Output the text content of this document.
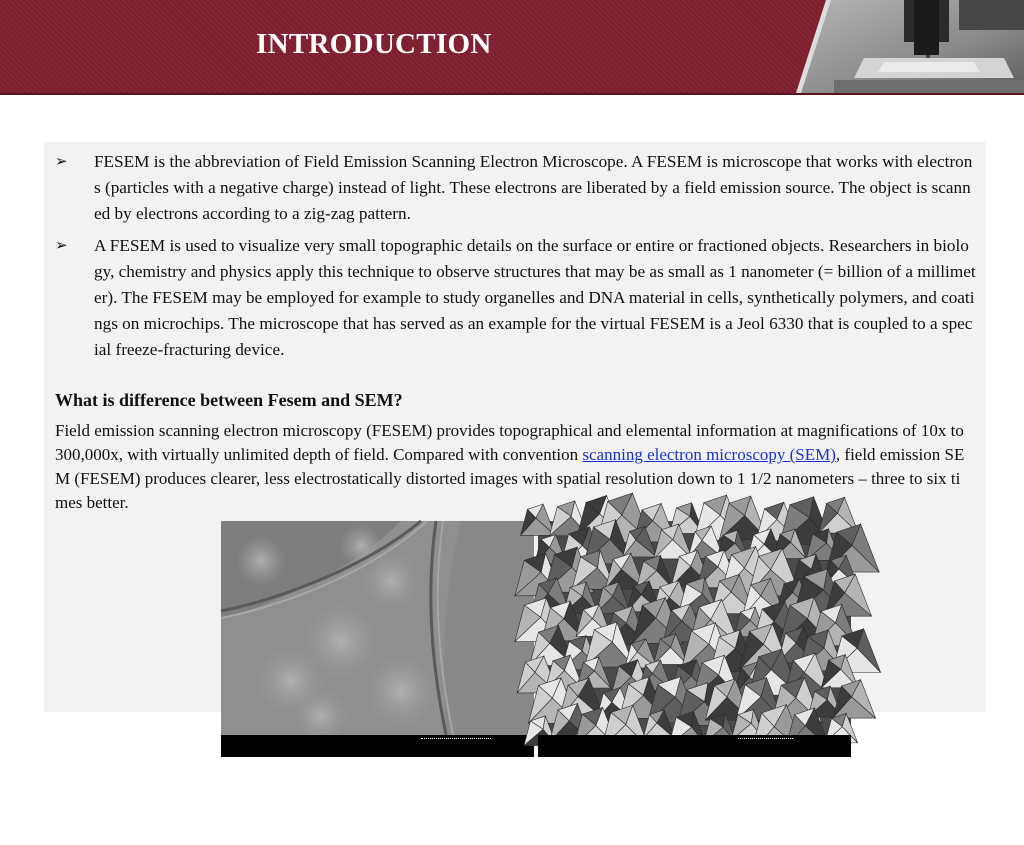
INTRODUCTION
➢	FESEM is the abbreviation of Field Emission Scanning Electron Microscope. A FESEM is microscope that works with electrons (particles with a negative charge) instead of light. These electrons are liberated by a field emission source. The object is scanned by electrons according to a zig-zag pattern.
➢	A FESEM is used to visualize very small topographic details on the surface or entire or fractioned objects. Researchers in biology, chemistry and physics apply this technique to observe structures that may be as small as 1 nanometer (= billion of a millimeter). The FESEM may be employed for example to study organelles and DNA material in cells, synthetically polymers, and coatings on microchips. The microscope that has served as an example for the virtual FESEM is a Jeol 6330 that is coupled to a special freeze-fracturing device.
What is difference between Fesem and SEM?

Field emission scanning electron microscopy (FESEM) provides topographical and elemental information at magnifications of 10x to 300,000x, with virtually unlimited depth of field. Compared with convention scanning electron microscopy (SEM), field emission SEM (FESEM) produces clearer, less electrostatically distorted images with spatial resolution down to 1 1/2 nanometers – three to six times better.

20.0kV

1.00µm

004649 20.0kV X20.0K 1.50µm
